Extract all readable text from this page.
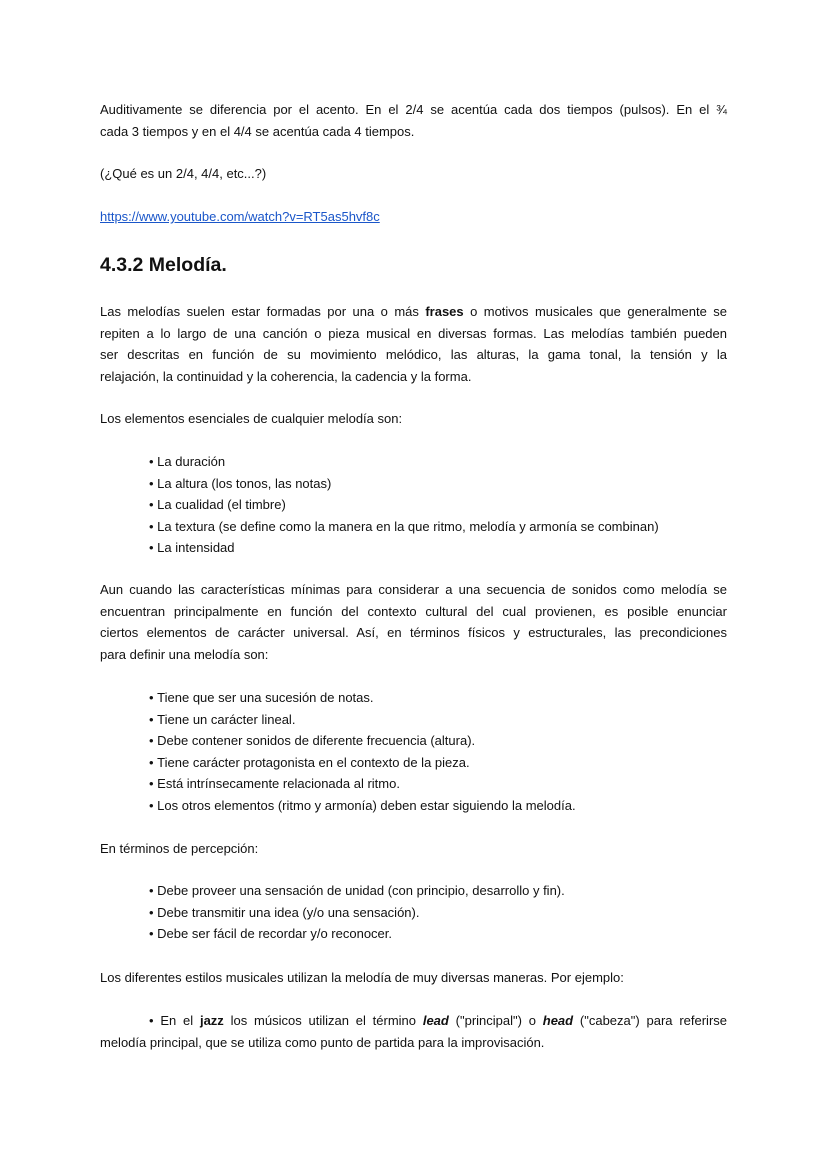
Auditivamente se diferencia por el acento. En el 2/4 se acentúa cada dos tiempos (pulsos). En el ¾
cada 3 tiempos y en el 4/4 se acentúa cada 4 tiempos.
(¿Qué es un 2/4, 4/4, etc...?)
https://www.youtube.com/watch?v=RT5as5hvf8c
4.3.2 Melodía.
Las melodías suelen estar formadas por una o más frases o motivos musicales que generalmente se
repiten a lo largo de una canción o pieza musical en diversas formas. Las melodías también pueden
ser descritas en función de su movimiento melódico, las alturas, la gama tonal, la tensión y la
relajación, la continuidad y la coherencia, la cadencia y la forma.
Los elementos esenciales de cualquier melodía son:
• La duración
• La altura (los tonos, las notas)
• La cualidad (el timbre)
• La textura (se define como la manera en la que ritmo, melodía y armonía se combinan)
• La intensidad
Aun cuando las características mínimas para considerar a una secuencia de sonidos como melodía se
encuentran principalmente en función del contexto cultural del cual provienen, es posible enunciar
ciertos elementos de carácter universal. Así, en términos físicos y estructurales, las precondiciones
para definir una melodía son:
• Tiene que ser una sucesión de notas.
• Tiene un carácter lineal.
• Debe contener sonidos de diferente frecuencia (altura).
• Tiene carácter protagonista en el contexto de la pieza.
• Está intrínsecamente relacionada al ritmo.
• Los otros elementos (ritmo y armonía) deben estar siguiendo la melodía.
En términos de percepción:
• Debe proveer una sensación de unidad (con principio, desarrollo y fin).
• Debe transmitir una idea (y/o una sensación).
• Debe ser fácil de recordar y/o reconocer.
Los diferentes estilos musicales utilizan la melodía de muy diversas maneras. Por ejemplo:
• En el jazz los músicos utilizan el término lead ("principal") o head ("cabeza") para referirse
melodía principal, que se utiliza como punto de partida para la improvisación.
